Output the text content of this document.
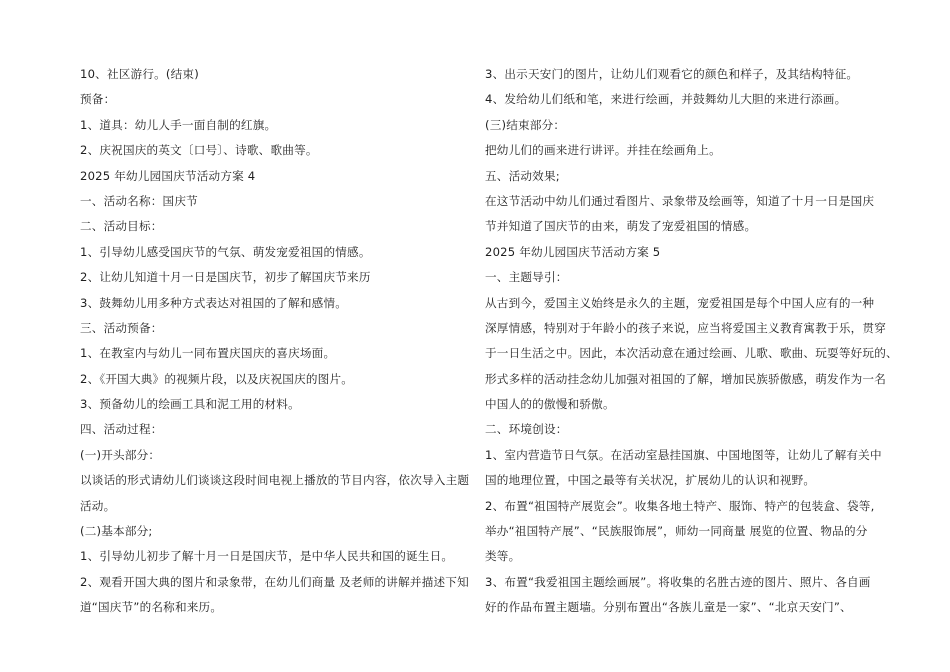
10、社区游行。(结束)
预备：
1、道具：幼儿人手一面自制的红旗。
2、庆祝国庆的英文〔口号〕、诗歌、歌曲等。
2025 年幼儿园国庆节活动方案 4
一、活动名称：国庆节
二、活动目标：
1、引导幼儿感受国庆节的气氛、萌发宠爱祖国的情感。
2、让幼儿知道十月一日是国庆节，初步了解国庆节来历
3、鼓舞幼儿用多种方式表达对祖国的了解和感情。
三、活动预备：
1、在教室内与幼儿一同布置庆国庆的喜庆场面。
2、《开国大典》的视频片段，以及庆祝国庆的图片。
3、预备幼儿的绘画工具和泥工用的材料。
四、活动过程：
(一)开头部分：
以谈话的形式请幼儿们谈谈这段时间电视上播放的节目内容，依次导入主题
活动。
(二)基本部分;
1、引导幼儿初步了解十月一日是国庆节，是中华人民共和国的诞生日。
2、观看开国大典的图片和录象带，在幼儿们商量 及老师的讲解并描述下知
道“国庆节”的名称和来历。
3、出示天安门的图片，让幼儿们观看它的颜色和样子，及其结构特征。
4、发给幼儿们纸和笔，来进行绘画，并鼓舞幼儿大胆的来进行添画。
(三)结束部分：
把幼儿们的画来进行讲评。并挂在绘画角上。
五、活动效果;
在这节活动中幼儿们通过看图片、录象带及绘画等，知道了十月一日是国庆
节并知道了国庆节的由来，萌发了宠爱祖国的情感。
2025 年幼儿园国庆节活动方案 5
一、主题导引：
从古到今，爱国主义始终是永久的主题，宠爱祖国是每个中国人应有的一种
深厚情感，特别对于年龄小的孩子来说，应当将爱国主义教育寓教于乐，贯穿
于一日生活之中。因此，本次活动意在通过绘画、儿歌、歌曲、玩耍等好玩的、
形式多样的活动挂念幼儿加强对祖国的了解，增加民族骄傲感，萌发作为一名
中国人的的傲慢和骄傲。
二、环境创设：
1、室内营造节日气氛。在活动室悬挂国旗、中国地图等，让幼儿了解有关中
国的地理位置，中国之最等有关状况，扩展幼儿的认识和视野。
2、布置“祖国特产展览会”。收集各地土特产、服饰、特产的包装盒、袋等,
举办“祖国特产展”、“民族服饰展”，师幼一同商量 展览的位置、物品的分
类等。
3、布置“我爱祖国主题绘画展”。将收集的名胜古迹的图片、照片、各自画
好的作品布置主题墙。分别布置出“各族儿童是一家”、“北京天安门”、
